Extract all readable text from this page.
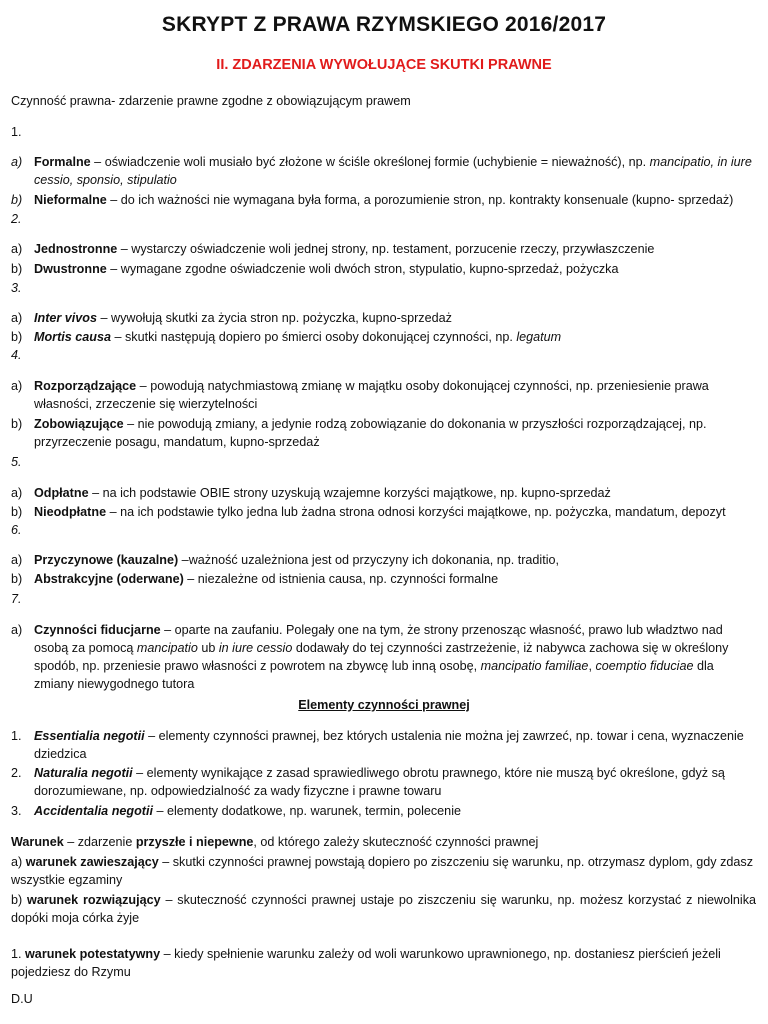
SKRYPT Z PRAWA RZYMSKIEGO 2016/2017
II. ZDARZENIA WYWOŁUJĄCE SKUTKI PRAWNE
Czynność prawna- zdarzenie prawne zgodne z obowiązującym prawem
1.
a) Formalne – oświadczenie woli musiało być złożone w ściśle określonej formie (uchybienie = nieważność), np. mancipatio, in iure cessio, sponsio, stipulatio
b) Nieformalne – do ich ważności nie wymagana była forma, a porozumienie stron, np. kontrakty konsenuale (kupno- sprzedaż)
2.
a) Jednostronne – wystarczy oświadczenie woli jednej strony, np. testament, porzucenie rzeczy, przywłaszczenie
b) Dwustronne – wymagane zgodne oświadczenie woli dwóch stron, stypulatio, kupno-sprzedaż, pożyczka
3.
a) Inter vivos – wywołują skutki za życia stron np. pożyczka, kupno-sprzedaż
b) Mortis causa – skutki następują dopiero po śmierci osoby dokonującej czynności, np. legatum
4.
a) Rozporządzające – powodują natychmiastową zmianę w majątku osoby dokonującej czynności, np. przeniesienie prawa własności, zrzeczenie się wierzytelności
b) Zobowiązujące – nie powodują zmiany, a jedynie rodzą zobowiązanie do dokonania w przyszłości rozporządzającej, np. przyrzeczenie posagu, mandatum, kupno-sprzedaż
5.
a) Odpłatne – na ich podstawie OBIE strony uzyskują wzajemne korzyści majątkowe, np. kupno-sprzedaż
b) Nieodpłatne – na ich podstawie tylko jedna lub żadna strona odnosi korzyści majątkowe, np. pożyczka, mandatum, depozyt
6.
a) Przyczynowe (kauzalne) –ważność uzależniona jest od przyczyny ich dokonania, np. traditio,
b) Abstrakcyjne (oderwane) – niezależne od istnienia causa, np. czynności formalne
7.
a) Czynności fiducjarne – oparte na zaufaniu. Polegały one na tym, że strony przenosząc własność, prawo lub władztwo nad osobą za pomocą mancipatio ub in iure cessio dodawały do tej czynności zastrzeżenie, iż nabywca zachowa się w określony spodób, np. przeniesie prawo własności z powrotem na zbywcę lub inną osobę, mancipatio familiae, coemptio fiduciae dla zmiany niewygodnego tutora
Elementy czynności prawnej
1. Essentialia negotii – elementy czynności prawnej, bez których ustalenia nie można jej zawrzeć, np. towar i cena, wyznaczenie dziedzica
2. Naturalia negotii – elementy wynikające z zasad sprawiedliwego obrotu prawnego, które nie muszą być określone, gdyż są dorozumiewane, np. odpowiedzialność za wady fizyczne i prawne towaru
3. Accidentalia negotii – elementy dodatkowe, np. warunek, termin, polecenie
Warunek – zdarzenie przyszłe i niepewne, od którego zależy skuteczność czynności prawnej
a) warunek zawieszający – skutki czynności prawnej powstają dopiero po ziszczeniu się warunku, np. otrzymasz dyplom, gdy zdasz wszystkie egzaminy
b) warunek rozwiązujący – skuteczność czynności prawnej ustaje po ziszczeniu się warunku, np. możesz korzystać z niewolnika dopóki moja córka żyje
1. warunek potestatywny – kiedy spełnienie warunku zależy od woli warunkowo uprawnionego, np. dostaniesz pierścień jeżeli pojedziesz do Rzymu
D.U
